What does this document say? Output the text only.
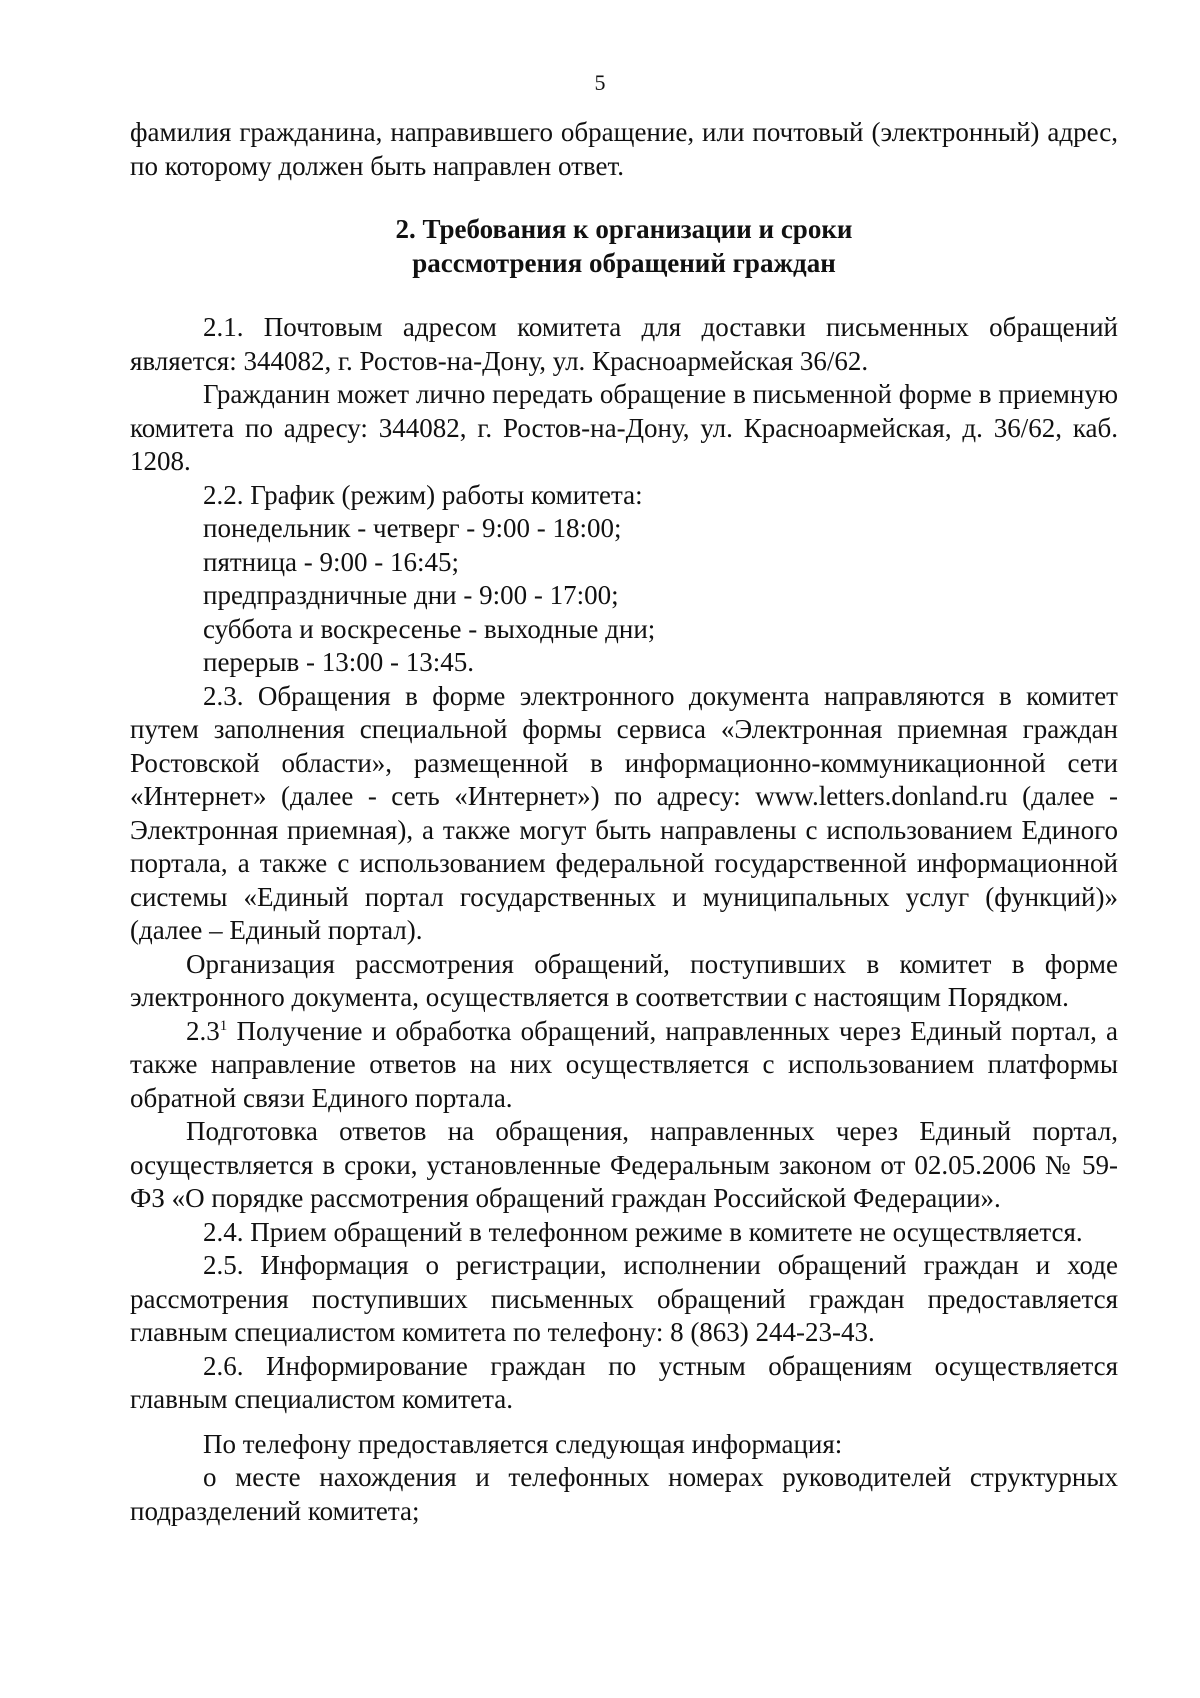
5

фамилия гражданина, направившего обращение, или почтовый (электронный) адрес, по которому должен быть направлен ответ.

2. Требования к организации и сроки
рассмотрения обращений граждан

2.1. Почтовым адресом комитета для доставки письменных обращений является: 344082, г. Ростов-на-Дону, ул. Красноармейская 36/62.

Гражданин может лично передать обращение в письменной форме в приемную комитета по адресу: 344082, г. Ростов-на-Дону, ул. Красноармейская, д. 36/62, каб. 1208.

2.2. График (режим) работы комитета:

понедельник - четверг - 9:00 - 18:00;

пятница - 9:00 - 16:45;

предпраздничные дни - 9:00 - 17:00;

суббота и воскресенье - выходные дни;

перерыв - 13:00 - 13:45.

2.3. Обращения в форме электронного документа направляются в комитет путем заполнения специальной формы сервиса «Электронная приемная граждан Ростовской области», размещенной в информационно-коммуникационной сети «Интернет» (далее - сеть «Интернет») по адресу: www.letters.donland.ru (далее - Электронная приемная), а также могут быть направлены с использованием Единого портала, а также с использованием федеральной государственной информационной системы «Единый портал государственных и муниципальных услуг (функций)» (далее – Единый портал).

Организация рассмотрения обращений, поступивших в комитет в форме электронного документа, осуществляется в соответствии с настоящим Порядком.

$2.3^1$ Получение и обработка обращений, направленных через Единый портал, а также направление ответов на них осуществляется с использованием платформы обратной связи Единого портала.

Подготовка ответов на обращения, направленных через Единый портал, осуществляется в сроки, установленные Федеральным законом от 02.05.2006 № 59-ФЗ «О порядке рассмотрения обращений граждан Российской Федерации».

2.4. Прием обращений в телефонном режиме в комитете не осуществляется.

2.5. Информация о регистрации, исполнении обращений граждан и ходе рассмотрения поступивших письменных обращений граждан предоставляется главным специалистом комитета по телефону: 8 (863) 244-23-43.

2.6. Информирование граждан по устным обращениям осуществляется главным специалистом комитета.

По телефону предоставляется следующая информация:

о месте нахождения и телефонных номерах руководителей структурных подразделений комитета;
